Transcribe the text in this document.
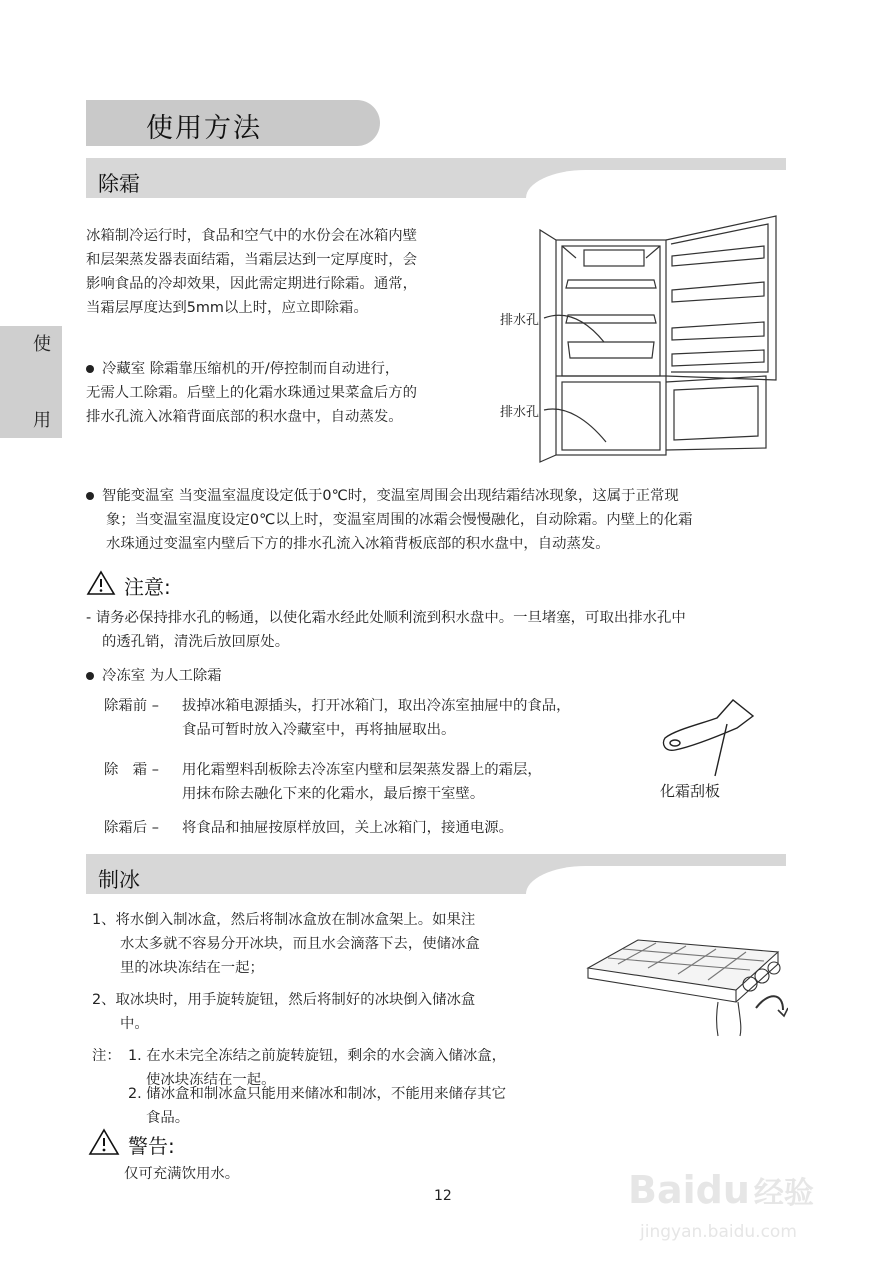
使用方法
使
用
除霜
冰箱制冷运行时，食品和空气中的水份会在冰箱内壁
和层架蒸发器表面结霜，当霜层达到一定厚度时，会
影响食品的冷却效果，因此需定期进行除霜。通常，
当霜层厚度达到5mm以上时，应立即除霜。
冷藏室 除霜靠压缩机的开/停控制而自动进行，
无需人工除霜。后壁上的化霜水珠通过果菜盒后方的
排水孔流入冰箱背面底部的积水盘中，自动蒸发。
排水孔
排水孔
智能变温室 当变温室温度设定低于0℃时，变温室周围会出现结霜结冰现象，这属于正常现
象；当变温室温度设定0℃以上时，变温室周围的冰霜会慢慢融化，自动除霜。内壁上的化霜
水珠通过变温室内壁后下方的排水孔流入冰箱背板底部的积水盘中，自动蒸发。
注意:
- 请务必保持排水孔的畅通，以使化霜水经此处顺利流到积水盘中。一旦堵塞，可取出排水孔中
的透孔销，清洗后放回原处。
冷冻室 为人工除霜
除霜前 –	拔掉冰箱电源插头，打开冰箱门，取出冷冻室抽屉中的食品，
食品可暂时放入冷藏室中，再将抽屉取出。
除　霜 –	用化霜塑料刮板除去冷冻室内壁和层架蒸发器上的霜层，
用抹布除去融化下来的化霜水，最后擦干室壁。
除霜后 –	将食品和抽屉按原样放回，关上冰箱门，接通电源。
化霜刮板
制冰
1、将水倒入制冰盒，然后将制冰盒放在制冰盒架上。如果注
水太多就不容易分开冰块，而且水会滴落下去，使储冰盒
里的冰块冻结在一起；
2、取冰块时，用手旋转旋钮，然后将制好的冰块倒入储冰盒
中。
注： 1. 在水未完全冻结之前旋转旋钮，剩余的水会滴入储冰盒，
使冰块冻结在一起。
2. 储冰盒和制冰盒只能用来储冰和制冰，不能用来储存其它
食品。
警告:
仅可充满饮用水。
12	Baidu 经验
jingyan.baidu.com
